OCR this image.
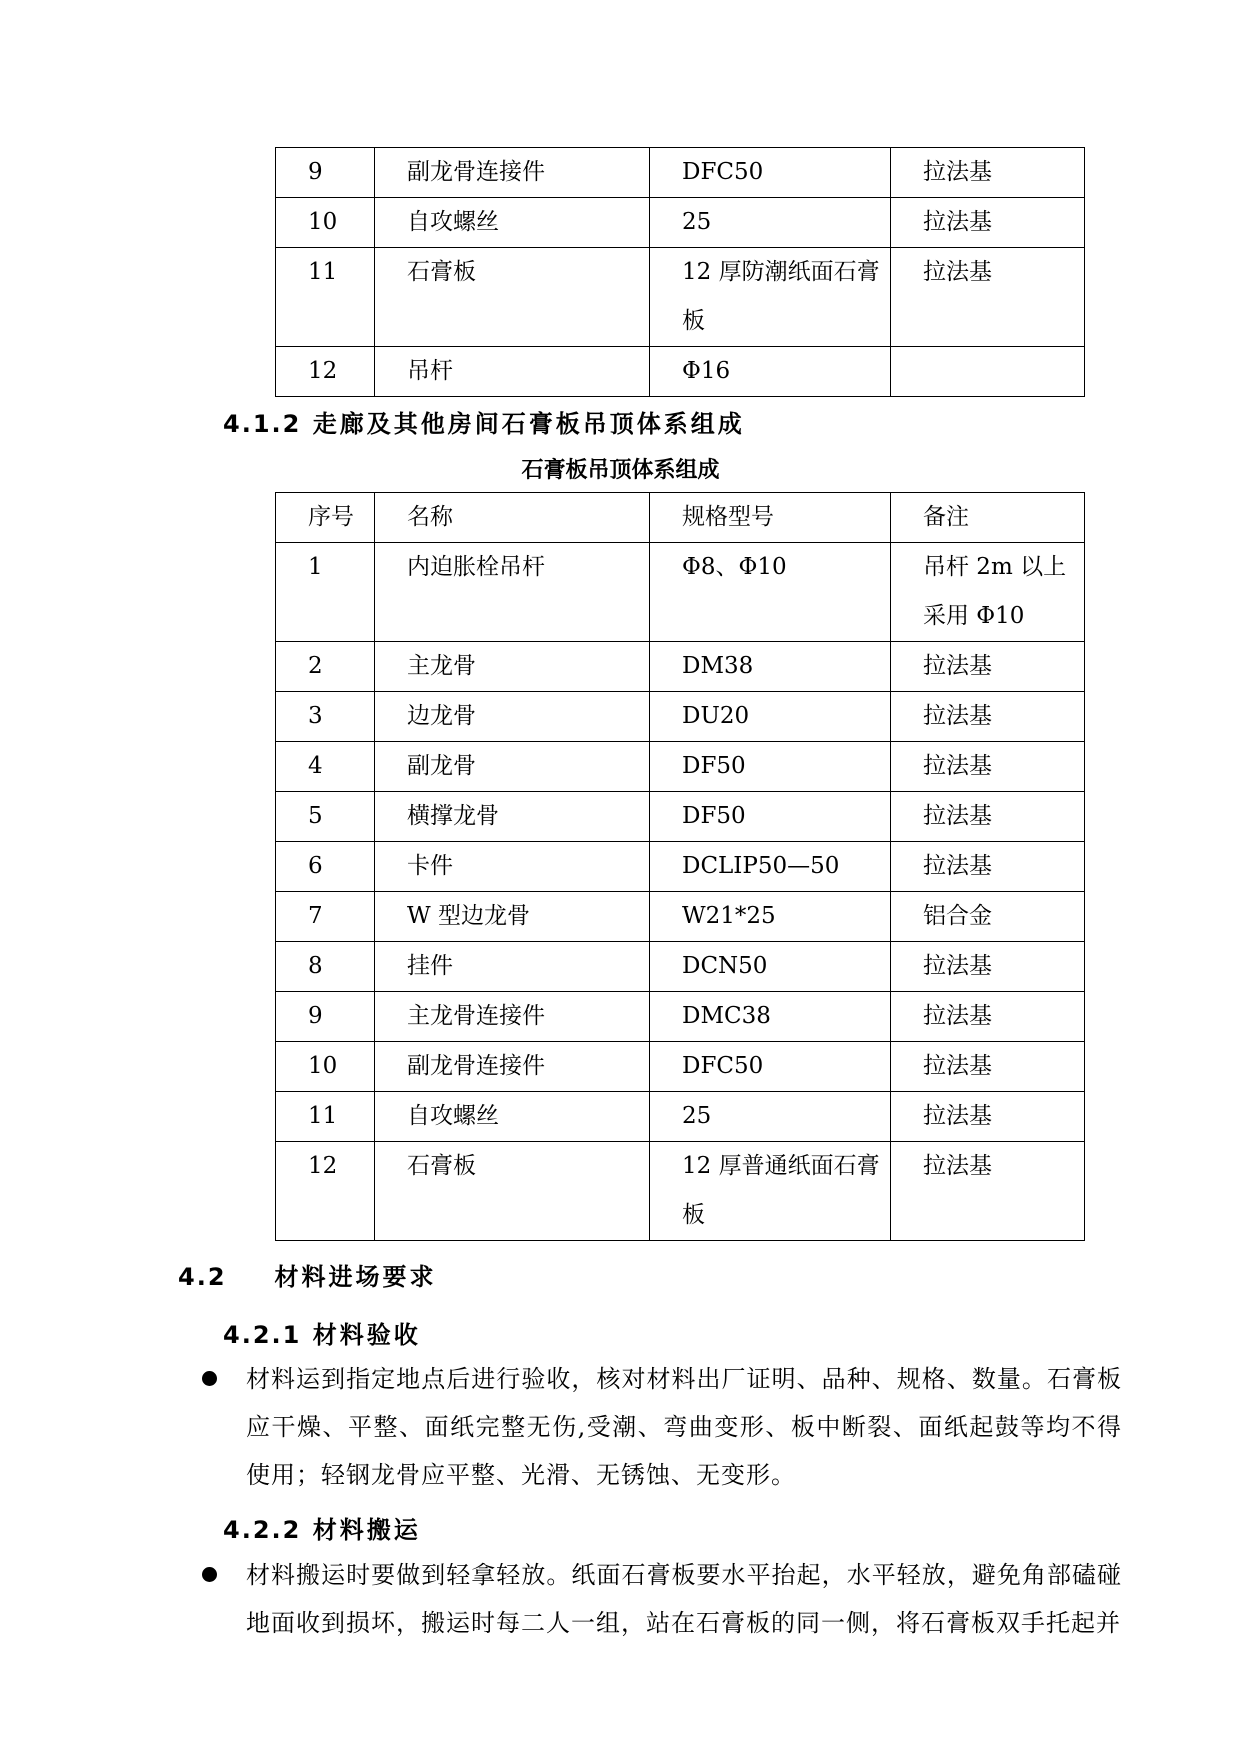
9	副龙骨连接件	DFC50	拉法基

10	自攻螺丝	25	拉法基

11	石膏板	12 厚防潮纸面石膏板	拉法基

12	吊杆	Φ16	

4.1.2 走廊及其他房间石膏板吊顶体系组成
石膏板吊顶体系组成
序号	名称	规格型号	备注

1	内迫胀栓吊杆	Φ8、Φ10	吊杆 2m 以上采用 Φ10

2	主龙骨	DM38	拉法基

3	边龙骨	DU20	拉法基

4	副龙骨	DF50	拉法基

5	横撑龙骨	DF50	拉法基

6	卡件	DCLIP50—50	拉法基

7	W 型边龙骨	W21*25	铝合金

8	挂件	DCN50	拉法基

9	主龙骨连接件	DMC38	拉法基

10	副龙骨连接件	DFC50	拉法基

11	自攻螺丝	25	拉法基

12	石膏板	12 厚普通纸面石膏板	拉法基
4.2 材料进场要求
4.2.1 材料验收
材料运到指定地点后进行验收，核对材料出厂证明、品种、规格、数量。石膏板应干燥、平整、面纸完整无伤,受潮、弯曲变形、板中断裂、面纸起鼓等均不得使用；轻钢龙骨应平整、光滑、无锈蚀、无变形。
4.2.2 材料搬运
材料搬运时要做到轻拿轻放。纸面石膏板要水平抬起，水平轻放，避免角部磕碰地面收到损坏，搬运时每二人一组，站在石膏板的同一侧，将石膏板双手托起并
